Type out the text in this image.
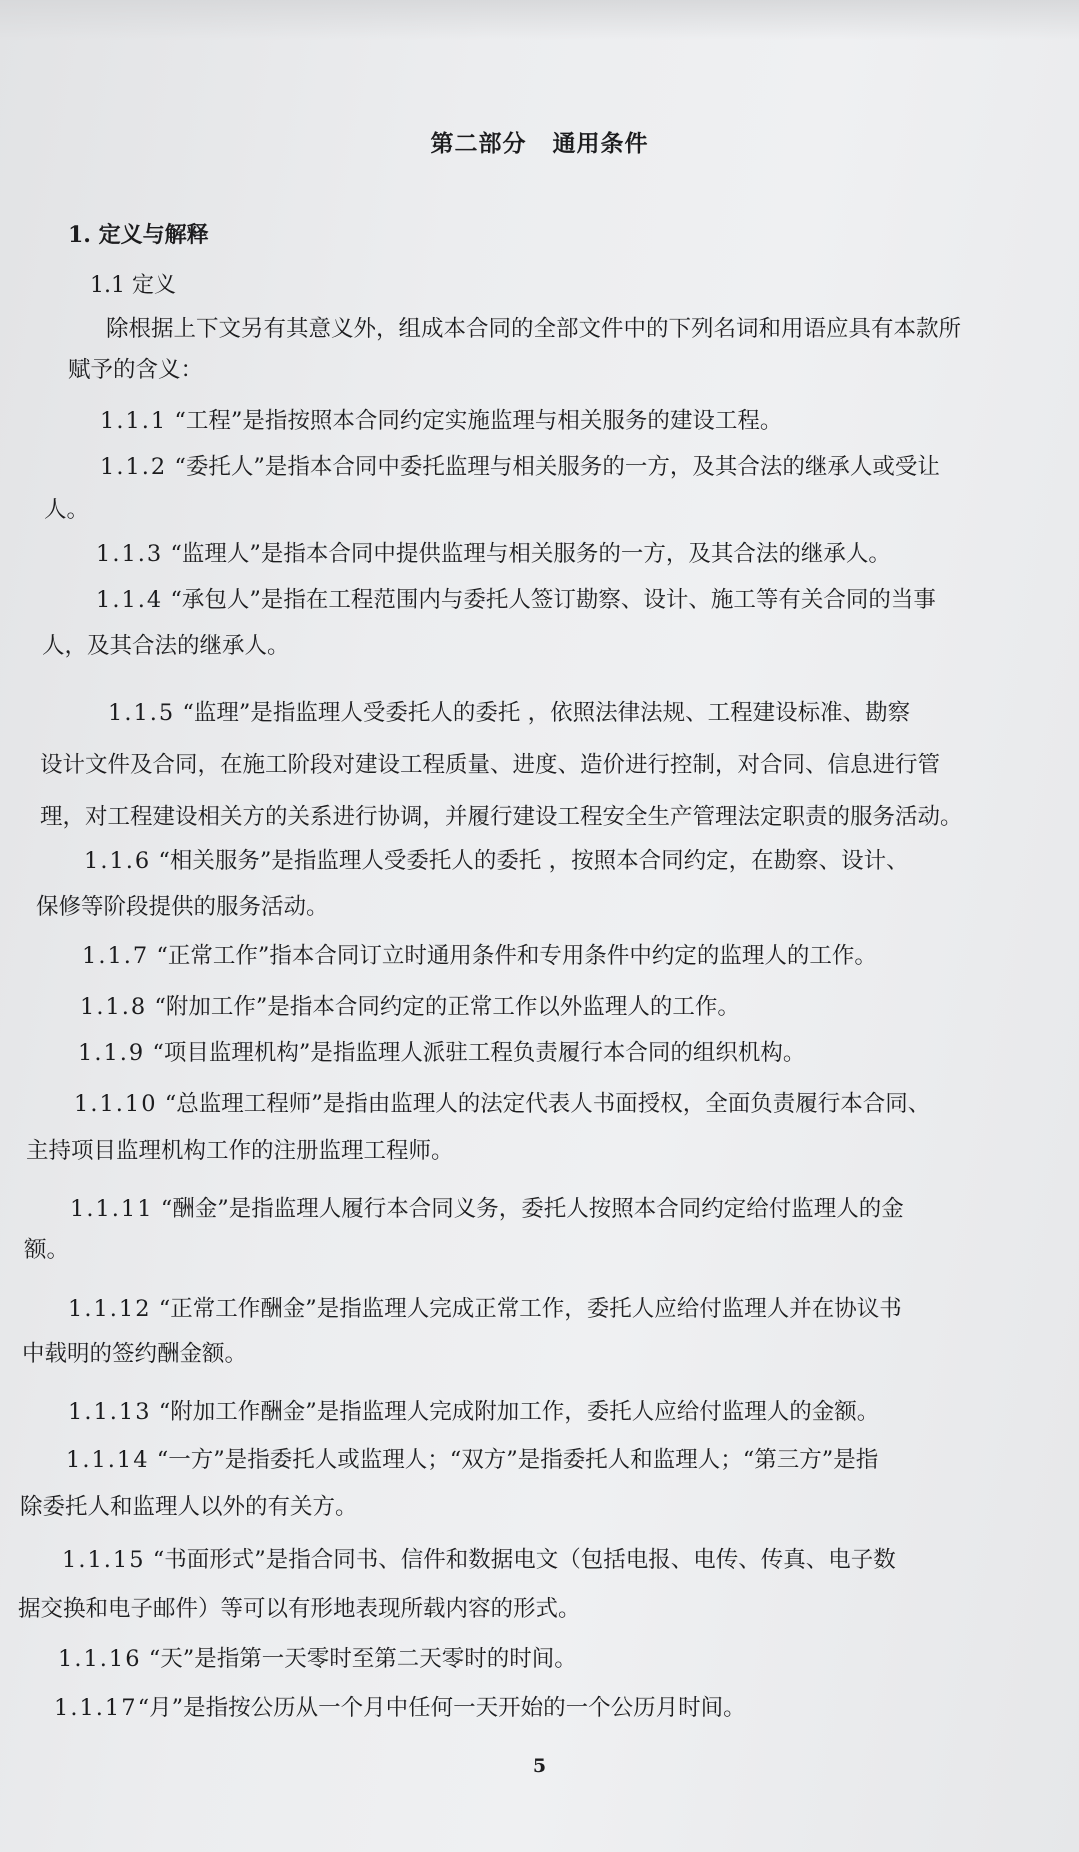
第二部分 通用条件
1. 定义与解释
1.1 定义
除根据上下文另有其意义外，组成本合同的全部文件中的下列名词和用语应具有本款所
赋予的含义：
1.1.1 “工程”是指按照本合同约定实施监理与相关服务的建设工程。
1.1.2 “委托人”是指本合同中委托监理与相关服务的一方，及其合法的继承人或受让
人。
1.1.3 “监理人”是指本合同中提供监理与相关服务的一方，及其合法的继承人。
1.1.4 “承包人”是指在工程范围内与委托人签订勘察、设计、施工等有关合同的当事
人，及其合法的继承人。
1.1.5 “监理”是指监理人受委托人的委托 ，依照法律法规、工程建设标准、勘察
设计文件及合同，在施工阶段对建设工程质量、进度、造价进行控制，对合同、信息进行管
理，对工程建设相关方的关系进行协调，并履行建设工程安全生产管理法定职责的服务活动。
1.1.6 “相关服务”是指监理人受委托人的委托 ，按照本合同约定，在勘察、设计、
保修等阶段提供的服务活动。
1.1.7 “正常工作”指本合同订立时通用条件和专用条件中约定的监理人的工作。
1.1.8 “附加工作”是指本合同约定的正常工作以外监理人的工作。
1.1.9 “项目监理机构”是指监理人派驻工程负责履行本合同的组织机构。
1.1.10 “总监理工程师”是指由监理人的法定代表人书面授权，全面负责履行本合同、
主持项目监理机构工作的注册监理工程师。
1.1.11 “酬金”是指监理人履行本合同义务，委托人按照本合同约定给付监理人的金
额。
1.1.12 “正常工作酬金”是指监理人完成正常工作，委托人应给付监理人并在协议书
中载明的签约酬金额。
1.1.13 “附加工作酬金”是指监理人完成附加工作，委托人应给付监理人的金额。
1.1.14 “一方”是指委托人或监理人；“双方”是指委托人和监理人；“第三方”是指
除委托人和监理人以外的有关方。
1.1.15 “书面形式”是指合同书、信件和数据电文（包括电报、电传、传真、电子数
据交换和电子邮件）等可以有形地表现所载内容的形式。
1.1.16 “天”是指第一天零时至第二天零时的时间。
1.1.17“月”是指按公历从一个月中任何一天开始的一个公历月时间。
5
